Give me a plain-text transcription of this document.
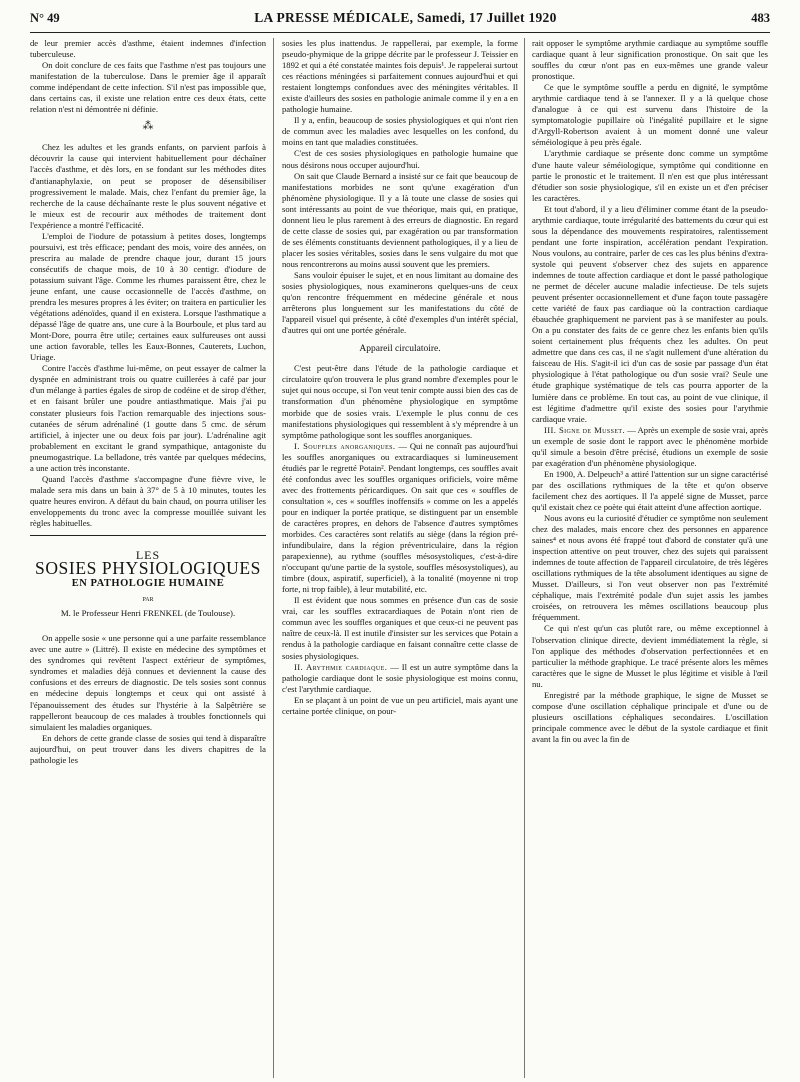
N° 49	LA PRESSE MÉDICALE, Samedi, 17 Juillet 1920	483

de leur premier accès d'asthme, étaient indemnes d'infection tuberculeuse.

On doit conclure de ces faits que l'asthme n'est pas toujours une manifestation de la tuberculose. Dans le premier âge il apparaît comme indépendant de cette infection. S'il n'est pas impossible que, dans certains cas, il existe une relation entre ces deux états, cette relation n'est ni démontrée ni définie.

⁂

Chez les adultes et les grands enfants, on parvient parfois à découvrir la cause qui intervient habituellement pour déchaîner l'accès d'asthme, et dès lors, en se fondant sur les méthodes dites d'antianaphylaxie, on peut se proposer de désensibiliser progressivement le malade. Mais, chez l'enfant du premier âge, la recherche de la cause déchaînante reste le plus souvent négative et le mieux est de recourir aux méthodes de traitement dont l'expérience a montré l'efficacité.

L'emploi de l'iodure de potassium à petites doses, longtemps poursuivi, est très efficace; pendant des mois, voire des années, on prescrira au malade de prendre chaque jour, durant 15 jours consécutifs de chaque mois, de 10 à 30 centigr. d'iodure de potassium suivant l'âge. Comme les rhumes paraissent être, chez le jeune enfant, une cause occasionnelle de l'accès d'asthme, on prendra les mesures propres à les éviter; on traitera en particulier les végétations adénoïdes, quand il en existera. Lorsque l'asthmatique a dépassé l'âge de quatre ans, une cure à la Bourboule, et plus tard au Mont-Dore, pourra être utile; certaines eaux sulfureuses ont aussi une action favorable, telles les Eaux-Bonnes, Cauterets, Luchon, Uriage.

Contre l'accès d'asthme lui-même, on peut essayer de calmer la dyspnée en administrant trois ou quatre cuillerées à café par jour d'un mélange à parties égales de sirop de codéine et de sirop d'éther, et en faisant brûler une poudre antiasthmatique. Mais j'ai pu constater plusieurs fois l'action remarquable des injections sous-cutanées de sérum adrénaliné (1 goutte dans 5 cmc. de sérum artificiel, à injecter une ou deux fois par jour). L'adrénaline agit probablement en excitant le grand sympathique, antagoniste du pneumogastrique. La belladone, très vantée par quelques médecins, a une action très inconstante.

Quand l'accès d'asthme s'accompagne d'une fièvre vive, le malade sera mis dans un bain à 37° de 5 à 10 minutes, toutes les quatre heures environ. A défaut du bain chaud, on pourra utiliser les enveloppements du tronc avec la compresse mouillée suivant les règles habituelles.

LES
SOSIES PHYSIOLOGIQUES
EN PATHOLOGIE HUMAINE
PAR
M. le Professeur Henri FRENKEL (de Toulouse).

On appelle sosie « une personne qui a une parfaite ressemblance avec une autre » (Littré). Il existe en médecine des symptômes et des syndromes qui revêtent l'aspect extérieur de symptômes, syndromes et maladies déjà connues et deviennent la cause des confusions et des erreurs de diagnostic. De tels sosies sont connus en médecine depuis longtemps et ceux qui ont assisté à l'épanouissement des études sur l'hystérie à la Salpêtrière se rappelleront beaucoup de ces malades à troubles fonctionnels qui simulaient les maladies organiques.

En dehors de cette grande classe de sosies qui tend à disparaître aujourd'hui, on peut trouver dans les divers chapitres de la pathologie les

sosies les plus inattendus. Je rappellerai, par exemple, la forme pseudo-phymique de la grippe décrite par le professeur J. Teissier en 1892 et qui a été constatée maintes fois depuis¹. Je rappelerai surtout ces réactions méningées si parfaitement connues aujourd'hui et qui restaient longtemps confondues avec des méningites véritables. Il existe d'ailleurs des sosies en pathologie animale comme il y en a en pathologie humaine.

Il y a, enfin, beaucoup de sosies physiologiques et qui n'ont rien de commun avec les maladies avec lesquelles on les confond, du moins en tant que maladies constituées.

C'est de ces sosies physiologiques en pathologie humaine que nous désirons nous occuper aujourd'hui.

On sait que Claude Bernard a insisté sur ce fait que beaucoup de manifestations morbides ne sont qu'une exagération d'un phénomène physiologique. Il y a là toute une classe de sosies qui sont intéressants au point de vue théorique, mais qui, en pratique, donnent lieu le plus rarement à des erreurs de diagnostic. En regard de cette classe de sosies qui, par exagération ou par transformation de ses éléments constituants deviennent pathologiques, il y a lieu de placer les sosies véritables, sosies dans le sens vulgaire du mot que nous rencontrerons au moins aussi souvent que les premiers.

Sans vouloir épuiser le sujet, et en nous limitant au domaine des sosies physiologiques, nous examinerons quelques-uns de ceux qu'on rencontre fréquemment en médecine générale et nous arrêterons plus longuement sur les manifestations du côté de l'appareil visuel qui présente, à côté d'exemples d'un intérêt spécial, d'autres qui ont une portée générale.

Appareil circulatoire.

C'est peut-être dans l'étude de la pathologie cardiaque et circulatoire qu'on trouvera le plus grand nombre d'exemples pour le sujet qui nous occupe, si l'on veut tenir compte aussi bien des cas de transformation d'un phénomène physiologique en symptôme morbide que de sosies vrais. L'exemple le plus connu de ces manifestations physiologiques qui ressemblent à s'y méprendre à un symptôme pathologique sont les souffles anorganiques.

I. Souffles anorganiques. — Qui ne connaît pas aujourd'hui les souffles anorganiques ou extracardiaques si lumineusement étudiés par le regretté Potain². Pendant longtemps, ces souffles avait été confondus avec les souffles organiques orificiels, voire même avec des frottements péricardiques. On sait que ces « souffles de consultation », ces « souffles inoffensifs » comme on les a appelés pour en indiquer la portée pratique, se distinguent par un ensemble de caractères propres, en dehors de l'absence d'autres symptômes morbides. Ces caractères sont relatifs au siège (dans la région pré-infundibulaire, dans la région préventriculaire, dans la région parapexienne), au rythme (souffles mésosystoliques, c'est-à-dire n'occupant qu'une partie de la systole, souffles mésosystoliques), au timbre (doux, aspiratif, superficiel), à la tonalité (moyenne ni trop forte, ni trop faible), à leur mutabilité, etc.

Il est évident que nous sommes en présence d'un cas de sosie vrai, car les souffles extracardiaques de Potain n'ont rien de commun avec les souffles organiques et que ceux-ci ne peuvent pas naître de ceux-là. Il est inutile d'insister sur les services que Potain a rendus à la pathologie cardiaque en faisant connaître cette classe de sosies physiologiques.

II. Arythmie cardiaque. — Il est un autre symptôme dans la pathologie cardiaque dont le sosie physiologique est moins connu, c'est l'arythmie cardiaque.

En se plaçant à un point de vue un peu artificiel, mais ayant une certaine portée clinique, on pour-

rait opposer le symptôme arythmie cardiaque au symptôme souffle cardiaque quant à leur signification pronostique. On sait que les souffles du cœur n'ont pas en eux-mêmes une grande valeur pronostique.

Ce que le symptôme souffle a perdu en dignité, le symptôme arythmie cardiaque tend à se l'annexer. Il y a là quelque chose d'analogue à ce qui est survenu dans l'histoire de la symptomatologie pupillaire où l'inégalité pupillaire et le signe d'Argyll-Robertson avaient à un moment donné une valeur séméiologique à peu près égale.

L'arythmie cardiaque se présente donc comme un symptôme d'une haute valeur séméiologique, symptôme qui conditionne en partie le pronostic et le traitement. Il n'en est que plus intéressant d'étudier son sosie physiologique, s'il en existe un et d'en préciser les caractères.

Et tout d'abord, il y a lieu d'éliminer comme étant de la pseudo-arythmie cardiaque, toute irrégularité des battements du cœur qui est sous la dépendance des mouvements respiratoires, ralentissement pendant une forte inspiration, accélération pendant l'expiration. Nous voulons, au contraire, parler de ces cas les plus bénins d'extra-systole qui peuvent s'observer chez des sujets en apparence indemnes de toute affection cardiaque et dont le passé pathologique ne permet de déceler aucune maladie infectieuse. De tels sujets peuvent présenter occasionnellement et d'une façon toute passagère cette variété de faux pas cardiaque où la contraction cardiaque ébauchée graphiquement ne parvient pas à se manifester au pouls. On a pu constater des faits de ce genre chez les enfants bien qu'ils soient certainement plus fréquents chez les adultes. On peut admettre que dans ces cas, il ne s'agit nullement d'une altération du faisceau de His. S'agit-il ici d'un cas de sosie par passage d'un état physiologique à l'état pathologique ou d'un sosie vrai? Seule une étude graphique systématique de tels cas pourra apporter de la lumière dans ce problème. En tout cas, au point de vue clinique, il est légitime d'admettre qu'il existe des sosies pour l'arythmie cardiaque vraie.

III. Signe de Musset. — Après un exemple de sosie vrai, après un exemple de sosie dont le rapport avec le phénomène morbide qu'il simule a besoin d'être précisé, étudions un exemple de sosie par exagération d'un phénomène physiologique.

En 1900, A. Delpeuch³ a attiré l'attention sur un signe caractérisé par des oscillations rythmiques de la tête et qu'on observe facilement chez des aortiques. Il l'a appelé signe de Musset, parce qu'il existait chez ce poète qui était atteint d'une affection aortique.

Nous avons eu la curiosité d'étudier ce symptôme non seulement chez des malades, mais encore chez des personnes en apparence saines⁴ et nous avons été frappé tout d'abord de constater qu'à une inspection attentive on peut trouver, chez des sujets qui paraissent indemnes de toute affection de l'appareil circulatoire, de très légères oscillations rythmiques de la tête absolument identiques au signe de Musset. D'ailleurs, si l'on veut observer non pas l'extrémité céphalique, mais l'extrémité podale d'un sujet assis les jambes croisées, on retrouvera les mêmes oscillations beaucoup plus fréquemment.

Ce qui n'est qu'un cas plutôt rare, ou même exceptionnel à l'observation clinique directe, devient immédiatement la règle, si l'on applique des méthodes d'observation perfectionnées et en particulier la méthode graphique. Le tracé présente alors les mêmes caractères que le signe de Musset le plus légitime et visible à l'œil nu.

Enregistré par la méthode graphique, le signe de Musset se compose d'une oscillation céphalique principale et d'une ou de plusieurs oscillations céphaliques secondaires. L'oscillation principale commence avec le début de la systole cardiaque et finit avant la fin ou avec la fin de
